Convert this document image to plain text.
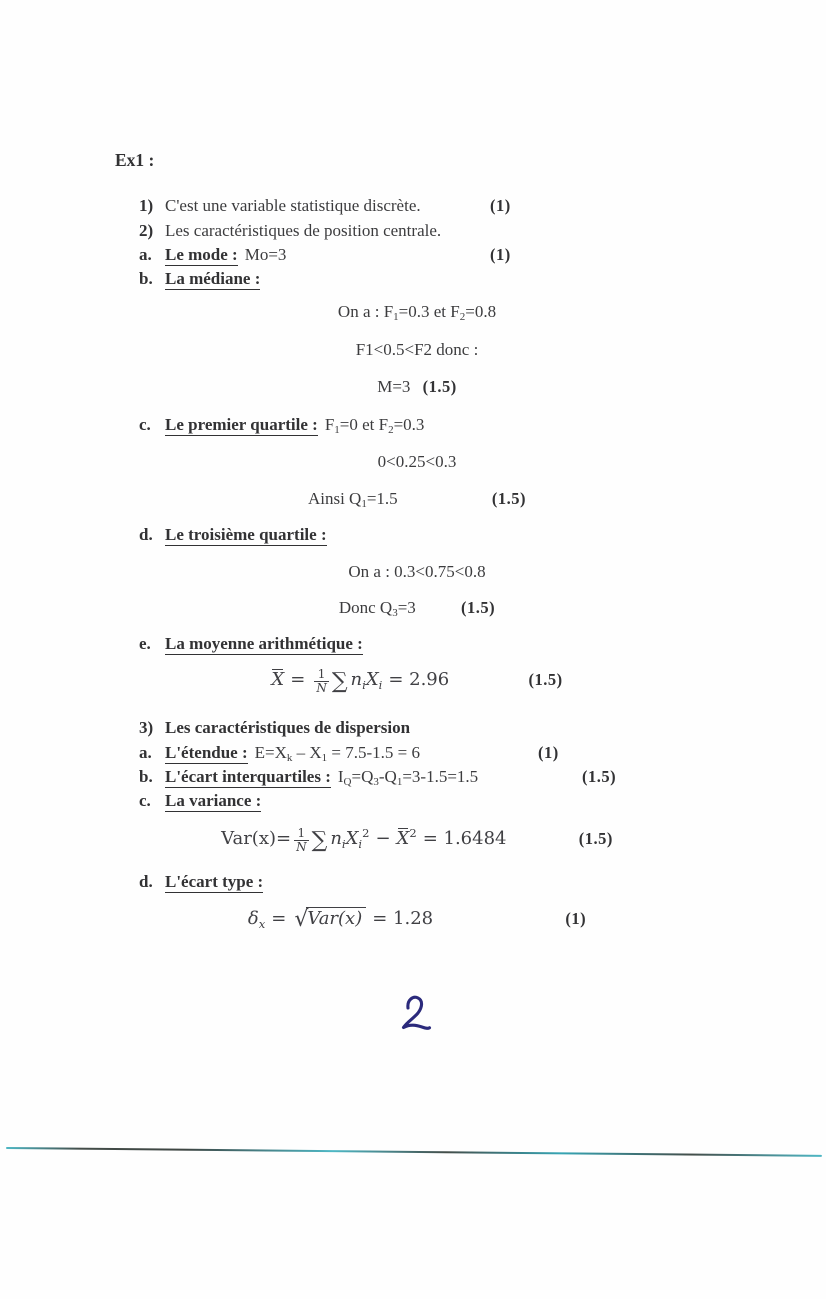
Ex1 :
1) C'est une variable statistique discrète.	(1)
2) Les caractéristiques de position centrale.
a. Le mode : Mo=3	(1)
b. La médiane :
On a : $F_1=0.3$ et $F_2=0.8$
F1<0.5<F2 donc :
M=3 (1.5)
c. Le premier quartile : $F_1=0$ et $F_2=0.3$
0<0.25<0.3
Ainsi $Q_1=1.5$	(1.5)
d. Le troisième quartile :
On a : 0.3<0.75<0.8
Donc $Q_3=3$	(1.5)
e. La moyenne arithmétique :
$X = \frac{1}{N}$ ∑ $n_iX_i = 2.96$	(1.5)
3) Les caractéristiques de dispersion
a. L'étendue : $E=X_k - X_1 = 7.5-1.5 = 6$	(1)
b. L'écart interquartiles : $I_Q=Q_3-Q_1=3-1.5=1.5$	(1.5)
c. La variance :
$Var(x)= \frac{1}{N}$ ∑ $n_iX_i^2 - X^2 = 1.6484$	(1.5)
d. L'écart type :
$\delta_x = √Var(x) = 1.28$	(1)
